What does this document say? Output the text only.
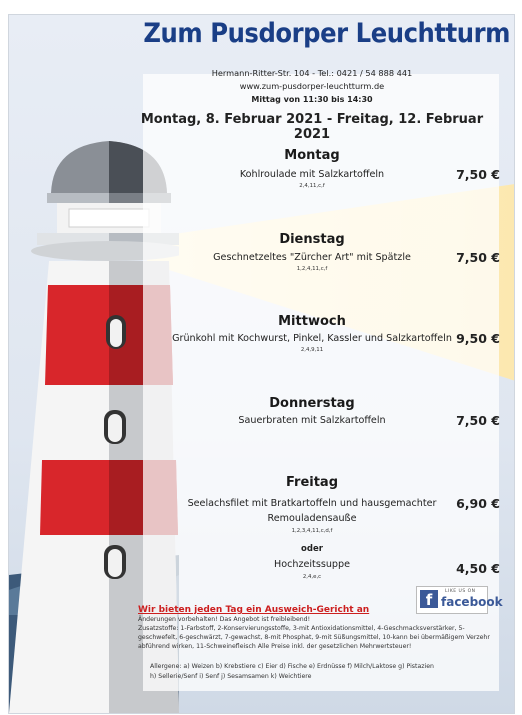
Zum Pusdorper Leuchtturm
Hermann-Ritter-Str. 104 - Tel.: 0421 / 54 888 441
www.zum-pusdorper-leuchtturm.de
Mittag von 11:30 bis 14:30
Montag, 8. Februar 2021 - Freitag, 12. Februar 2021
Montag
Kohlroulade mit Salzkartoffeln
2,4,11,c,f
7,50 €
Dienstag
Geschnetzeltes "Zürcher Art" mit Spätzle
1,2,4,11,c,f
7,50 €
Mittwoch
Grünkohl mit Kochwurst, Pinkel, Kassler und Salzkartoffeln
2,4,9,11
9,50 €
Donnerstag
Sauerbraten mit Salzkartoffeln	7,50 €
Freitag
Seelachsfilet mit Bratkartoffeln und hausgemachter
Remouladensauße
1,2,3,4,11,c,d,f
6,90 €
oder
Hochzeitssuppe
2,4,e,c
4,50 €
Wir bieten jeden Tag ein Ausweich-Gericht an
Änderungen vorbehalten! Das Angebot ist freibleibend!
Zusatzstoffe: 1-Farbstoff, 2-Konservierungsstoffe, 3-mit Antioxidationsmittel, 4-Geschmacksverstärker, 5-geschwefelt, 6-geschwärzt, 7-gewachst, 8-mit Phosphat, 9-mit Süßungsmittel, 10-kann bei übermäßigem Verzehr abführend wirken, 11-Schweinefleisch Alle Preise inkl. der gesetzlichen Mehrwertsteuer!
f	LIKE US ON
facebook
Allergene: a) Weizen b) Krebstiere c) Eier d) Fische e) Erdnüsse f) Milch/Laktose g) Pistazien
h) Sellerie/Senf i) Senf j) Sesamsamen k) Weichtiere
